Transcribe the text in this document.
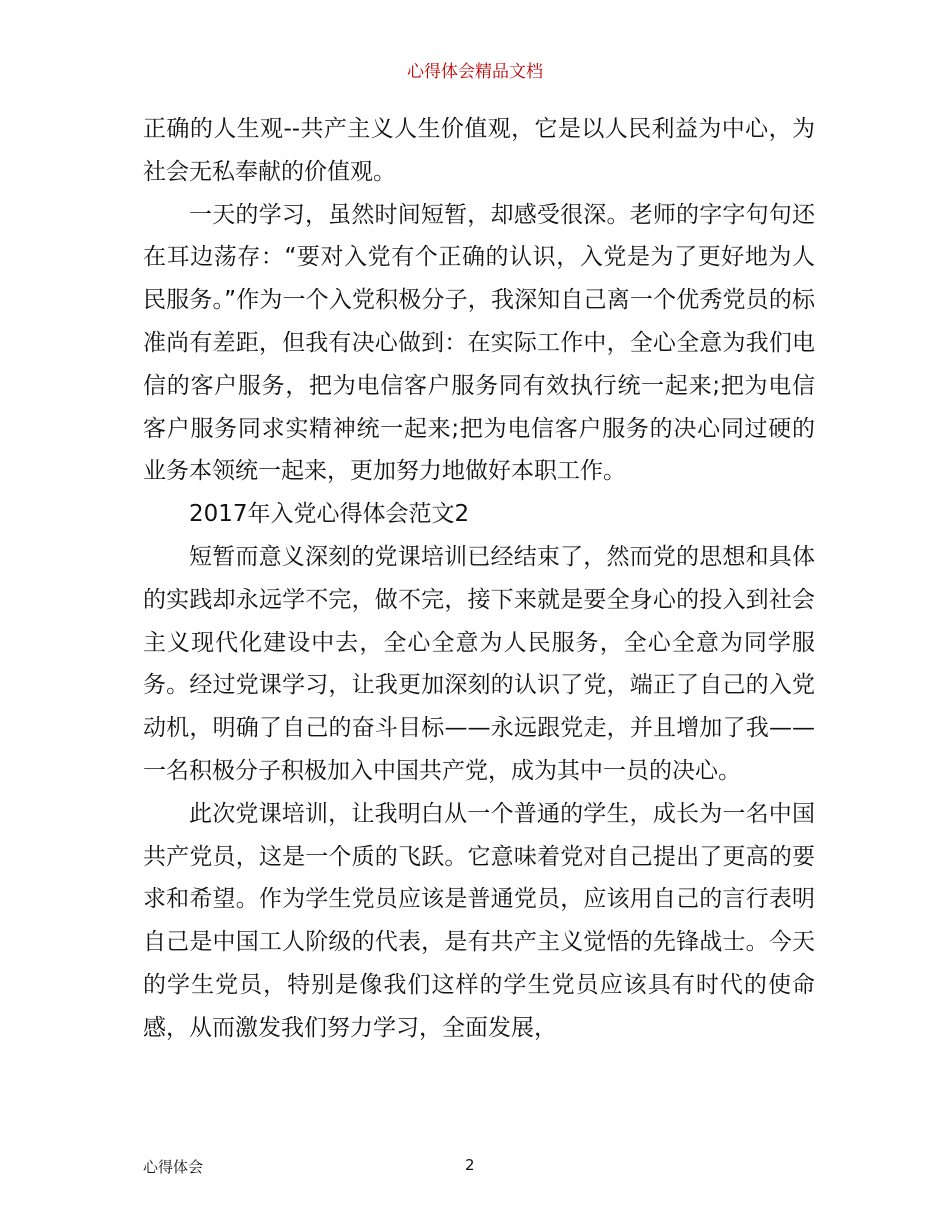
心得体会精品文档

正确的人生观--共产主义人生价值观，它是以人民利益为中心，为社会无私奉献的价值观。

一天的学习，虽然时间短暂，却感受很深。老师的字字句句还在耳边荡存：“要对入党有个正确的认识，入党是为了更好地为人民服务。”作为一个入党积极分子，我深知自己离一个优秀党员的标准尚有差距，但我有决心做到：在实际工作中，全心全意为我们电信的客户服务，把为电信客户服务同有效执行统一起来;把为电信客户服务同求实精神统一起来;把为电信客户服务的决心同过硬的业务本领统一起来，更加努力地做好本职工作。

2017年入党心得体会范文2

短暂而意义深刻的党课培训已经结束了，然而党的思想和具体的实践却永远学不完，做不完，接下来就是要全身心的投入到社会主义现代化建设中去，全心全意为人民服务，全心全意为同学服务。经过党课学习，让我更加深刻的认识了党，端正了自己的入党动机，明确了自己的奋斗目标——永远跟党走，并且增加了我——一名积极分子积极加入中国共产党，成为其中一员的决心。

此次党课培训，让我明白从一个普通的学生，成长为一名中国共产党员，这是一个质的飞跃。它意味着党对自己提出了更高的要求和希望。作为学生党员应该是普通党员，应该用自己的言行表明自己是中国工人阶级的代表，是有共产主义觉悟的先锋战士。今天的学生党员，特别是像我们这样的学生党员应该具有时代的使命感，从而激发我们努力学习，全面发展，

心得体会	2
